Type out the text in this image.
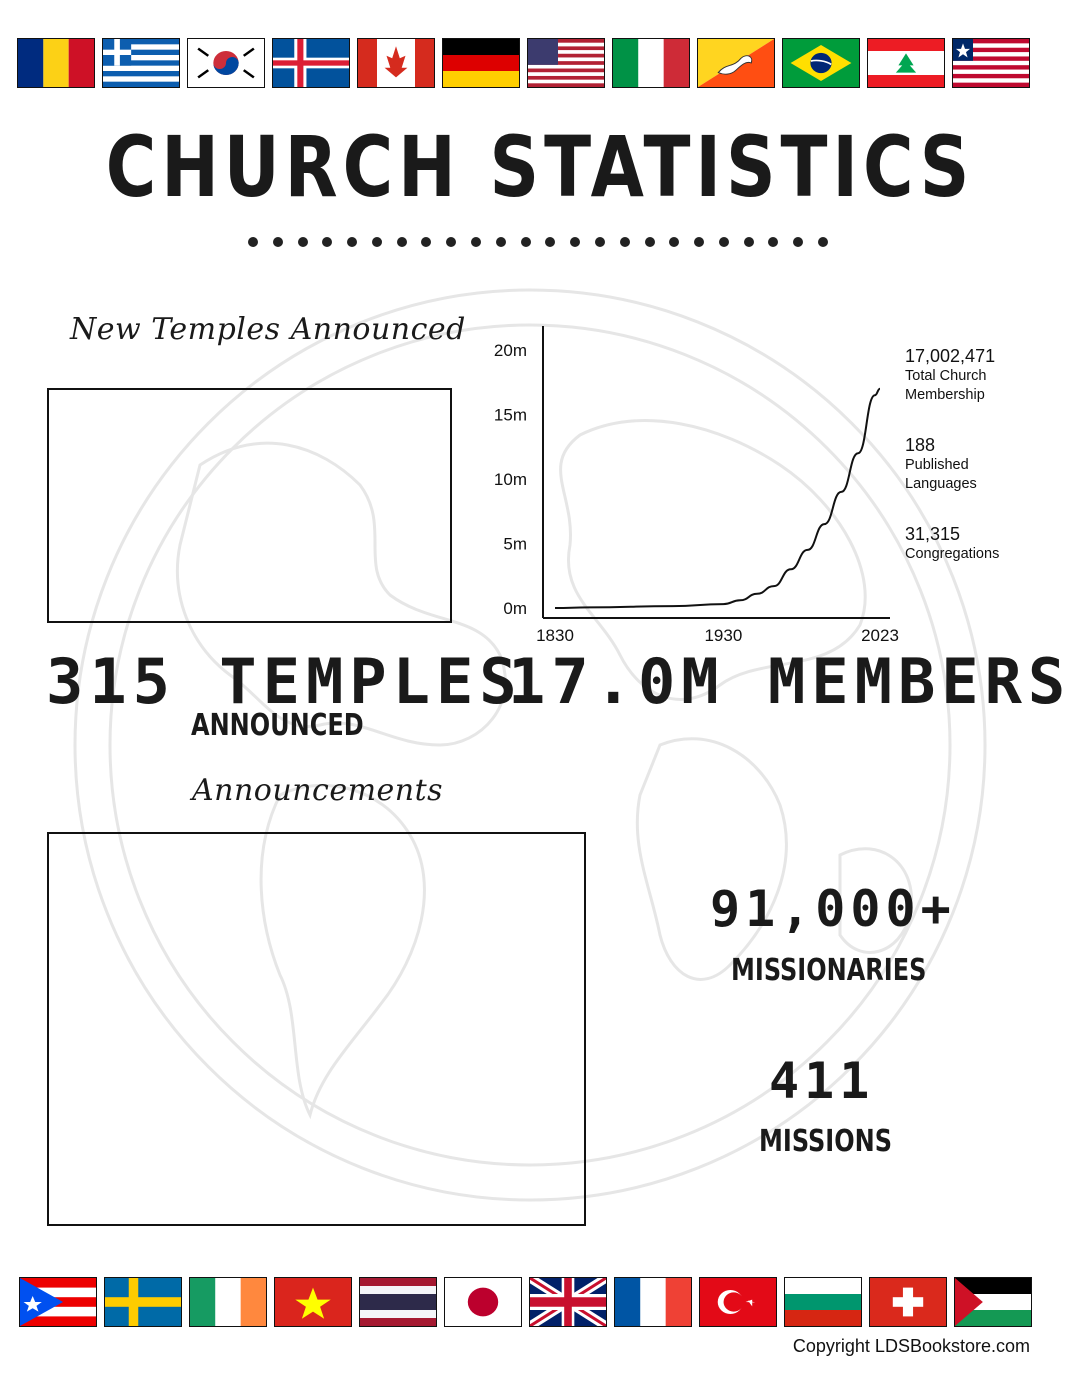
CHURCH STATISTICS
New Temples Announced
315 TEMPLES
ANNOUNCED
0m
5m
10m
15m
20m
1830	1930	2023
17,002,471
Total Church
Membership
188
Published
Languages
31,315
Congregations
17.0M MEMBERS
Announcements
91,000+
MISSIONARIES
411
MISSIONS
Copyright LDSBookstore.com
